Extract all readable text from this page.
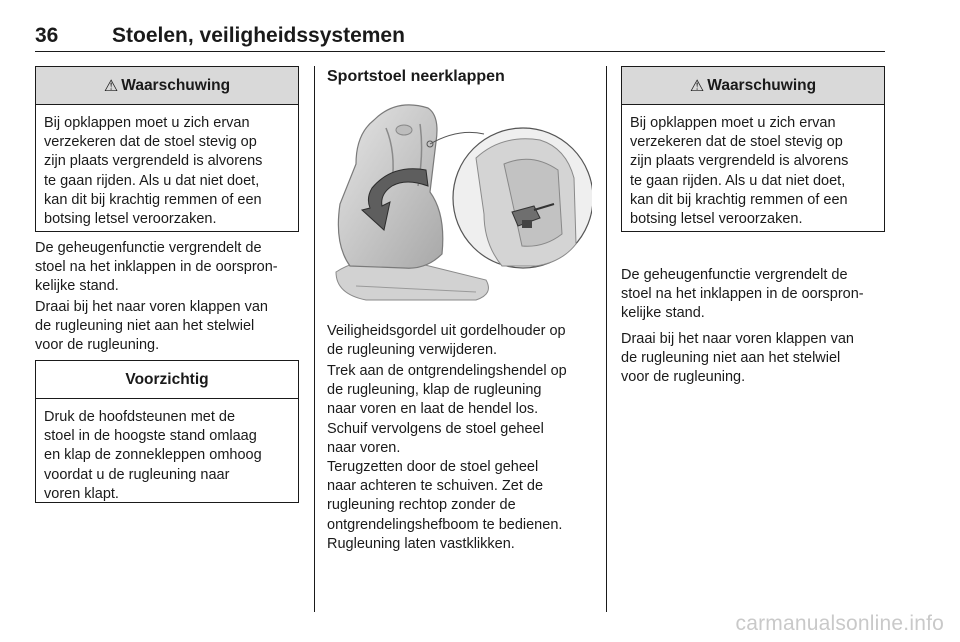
36	Stoelen, veiligheidssystemen
⚠ Waarschuwing
Bij opklappen moet u zich ervan
verzekeren dat de stoel stevig op
zijn plaats vergrendeld is alvorens
te gaan rijden. Als u dat niet doet,
kan dit bij krachtig remmen of een
botsing letsel veroorzaken.
De geheugenfunctie vergrendelt de
stoel na het inklappen in de oorspron-
kelijke stand.
Draai bij het naar voren klappen van
de rugleuning niet aan het stelwiel
voor de rugleuning.
Voorzichtig
Druk de hoofdsteunen met de
stoel in de hoogste stand omlaag
en klap de zonnekleppen omhoog
voordat u de rugleuning naar
voren klapt.
Sportstoel neerklappen
Veiligheidsgordel uit gordelhouder op
de rugleuning verwijderen.
Trek aan de ontgrendelingshendel op
de rugleuning, klap de rugleuning
naar voren en laat de hendel los.
Schuif vervolgens de stoel geheel
naar voren.
Terugzetten door de stoel geheel
naar achteren te schuiven. Zet de
rugleuning rechtop zonder de
ontgrendelingshefboom te bedienen.
Rugleuning laten vastklikken.
⚠ Waarschuwing
Bij opklappen moet u zich ervan
verzekeren dat de stoel stevig op
zijn plaats vergrendeld is alvorens
te gaan rijden. Als u dat niet doet,
kan dit bij krachtig remmen of een
botsing letsel veroorzaken.
De geheugenfunctie vergrendelt de
stoel na het inklappen in de oorspron-
kelijke stand.
Draai bij het naar voren klappen van
de rugleuning niet aan het stelwiel
voor de rugleuning.
carmanualsonline.info
